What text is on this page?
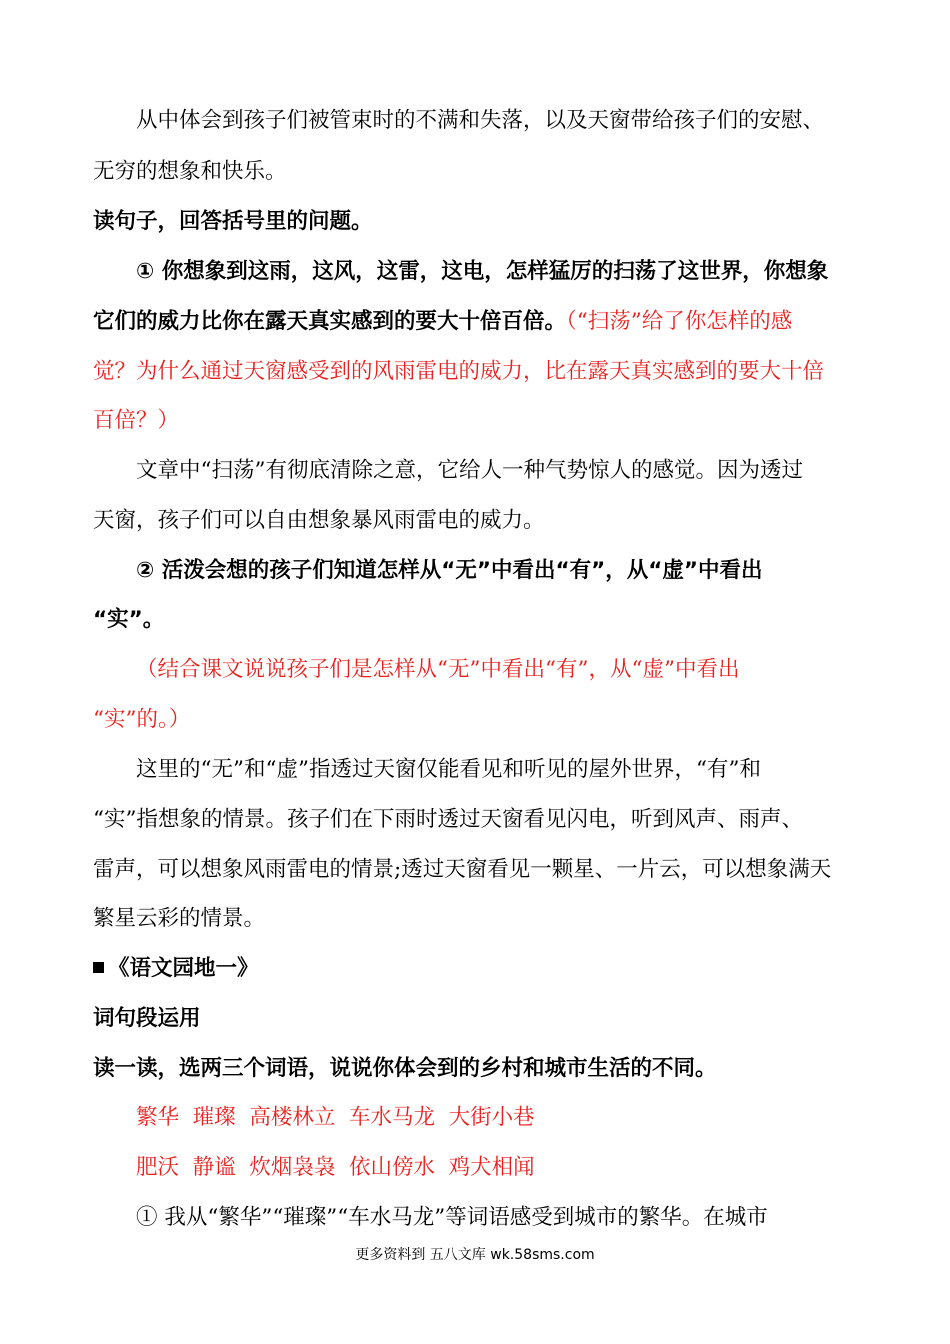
从中体会到孩子们被管束时的不满和失落，以及天窗带给孩子们的安慰、
无穷的想象和快乐。
读句子，回答括号里的问题。
① 你想象到这雨，这风，这雷，这电，怎样猛厉的扫荡了这世界，你想象
它们的威力比你在露天真实感到的要大十倍百倍。（“扫荡”给了你怎样的感
觉？为什么通过天窗感受到的风雨雷电的威力，比在露天真实感到的要大十倍
百倍？）
文章中“扫荡”有彻底清除之意，它给人一种气势惊人的感觉。因为透过
天窗，孩子们可以自由想象暴风雨雷电的威力。
② 活泼会想的孩子们知道怎样从“无”中看出“有”，从“虚”中看出
“实”。
（结合课文说说孩子们是怎样从“无”中看出“有”，从“虚”中看出
“实”的。）
这里的“无”和“虚”指透过天窗仅能看见和听见的屋外世界，“有”和
“实”指想象的情景。孩子们在下雨时透过天窗看见闪电，听到风声、雨声、
雷声，可以想象风雨雷电的情景;透过天窗看见一颗星、一片云，可以想象满天
繁星云彩的情景。
《语文园地一》
词句段运用
读一读，选两三个词语，说说你体会到的乡村和城市生活的不同。
繁华  璀璨  高楼林立  车水马龙  大街小巷
肥沃  静谧  炊烟袅袅  依山傍水  鸡犬相闻
① 我从“繁华”“璀璨”“车水马龙”等词语感受到城市的繁华。在城市
更多资料到 五八文库 wk.58sms.com
